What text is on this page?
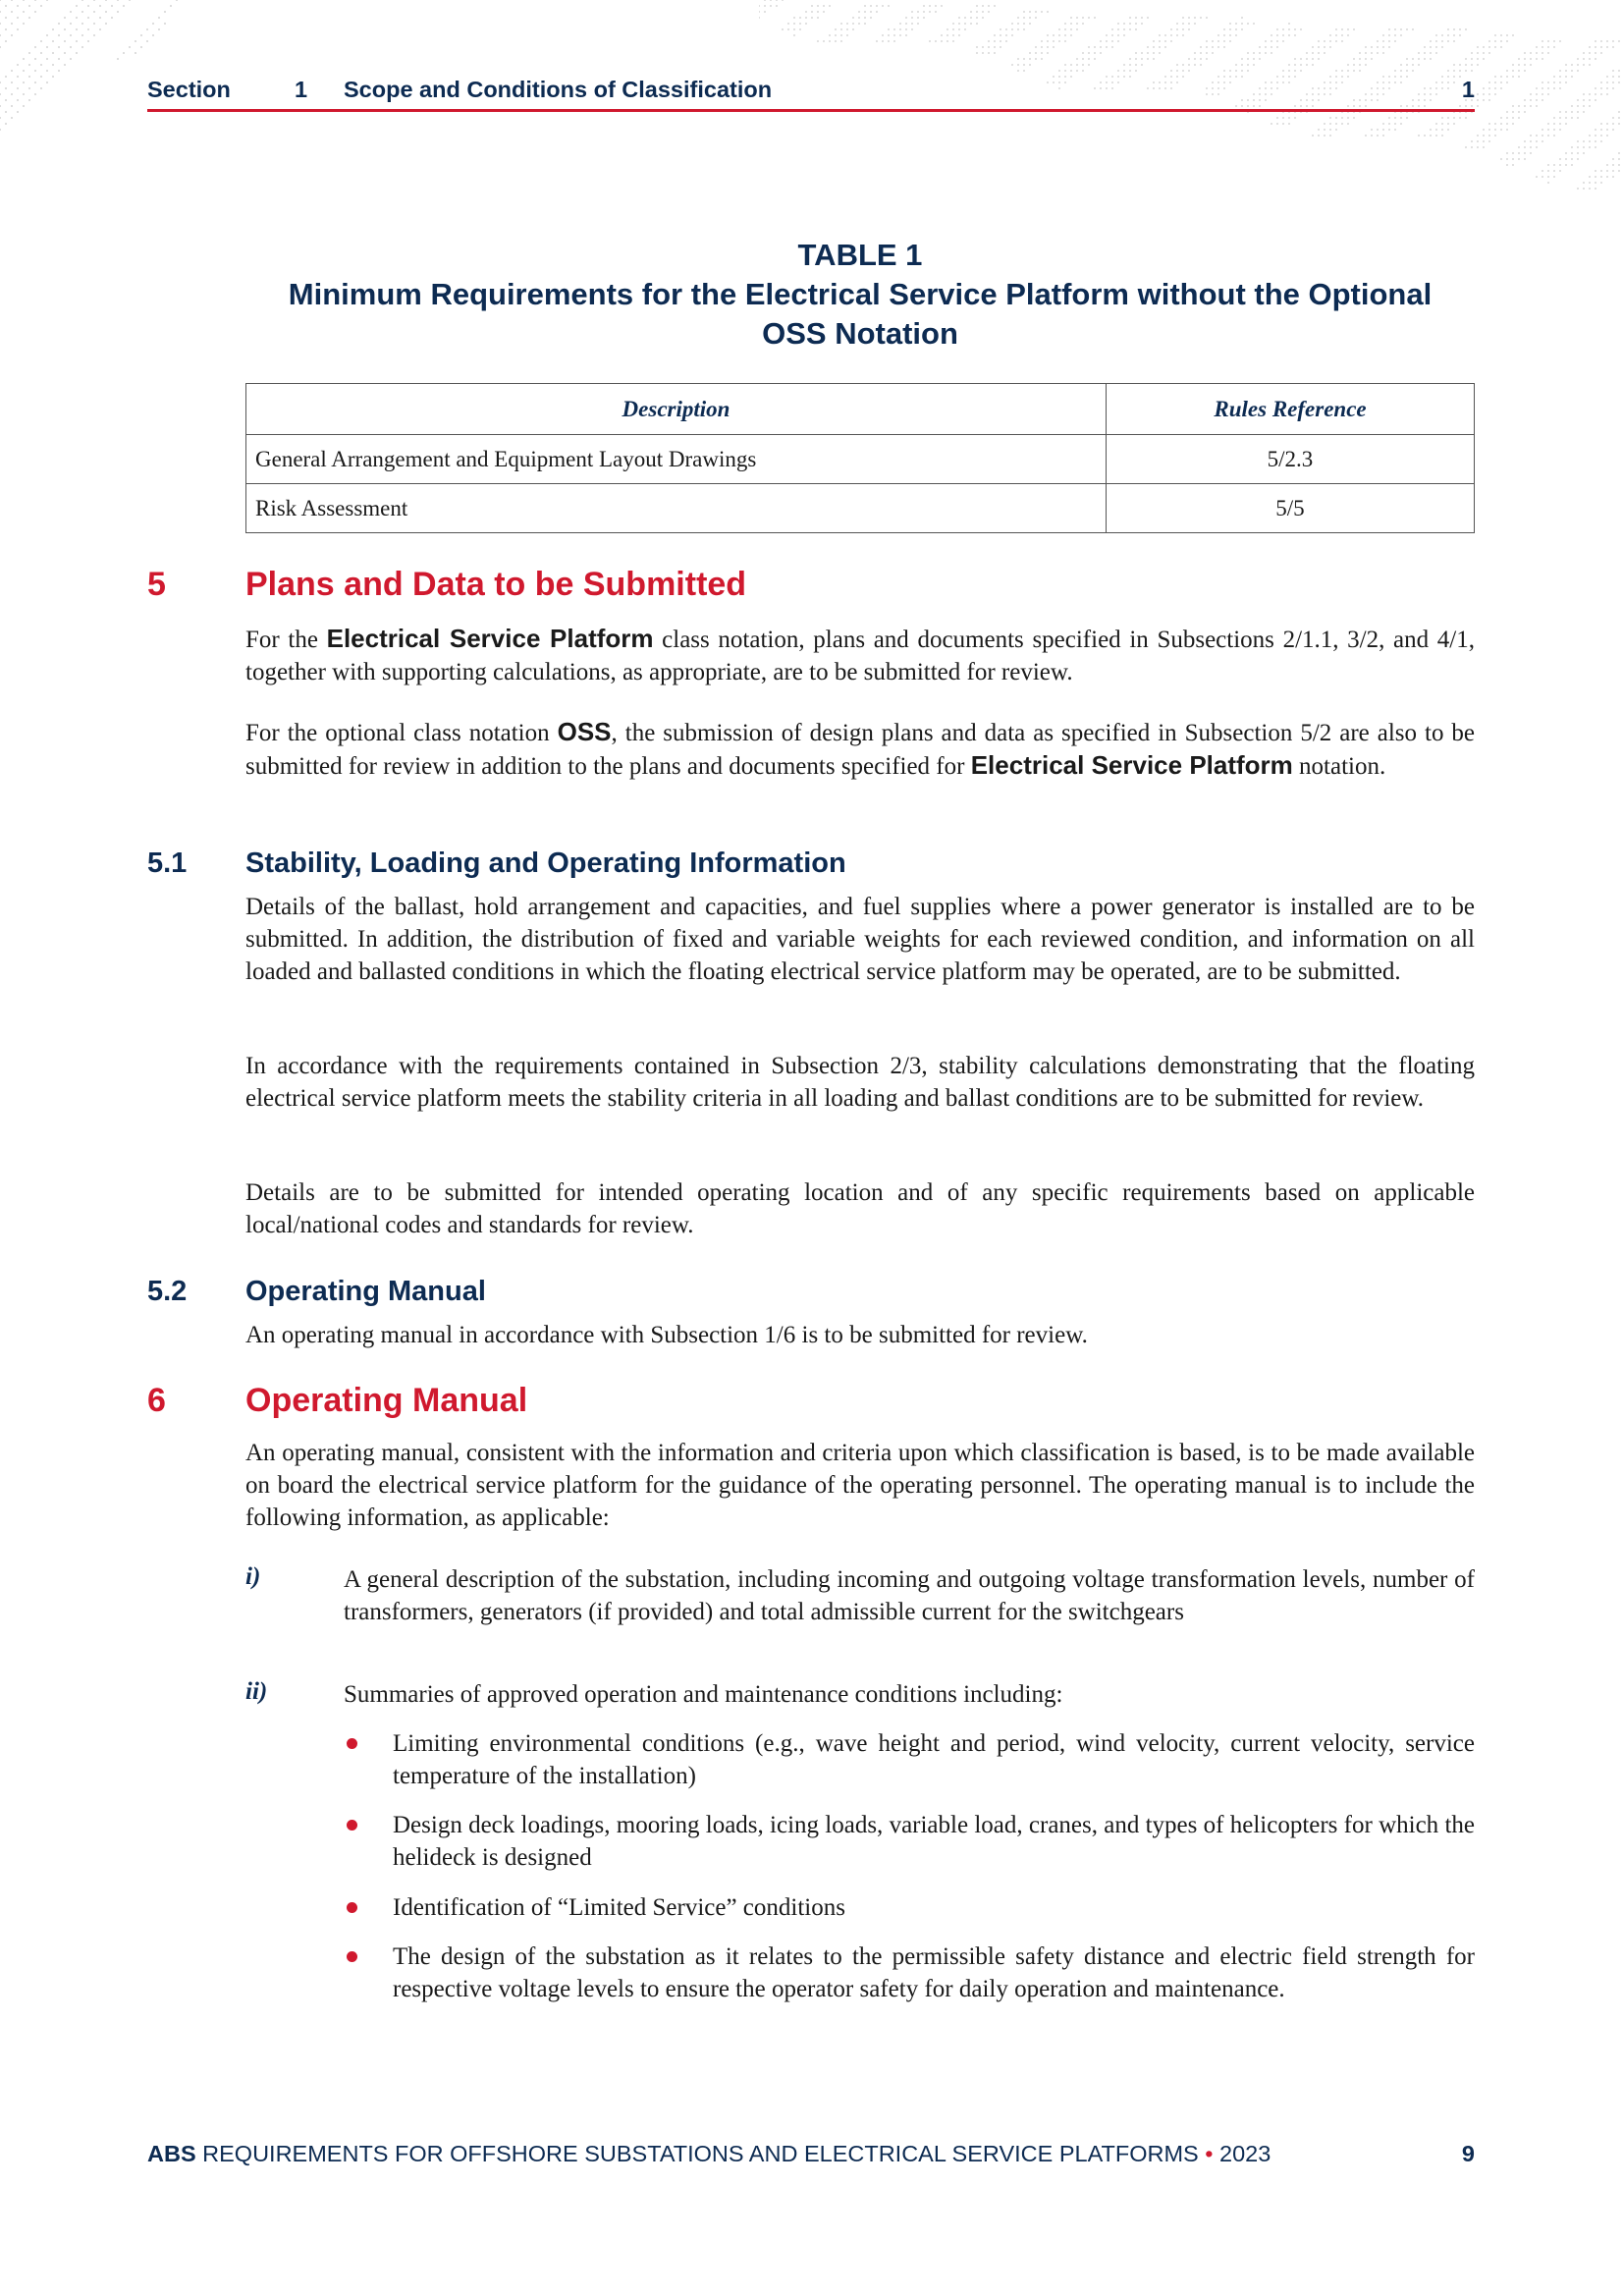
Section	1 Scope and Conditions of Classification	1
TABLE 1
Minimum Requirements for the Electrical Service Platform without the Optional
OSS Notation
Description	Rules Reference
General Arrangement and Equipment Layout Drawings	5/2.3
Risk Assessment	5/5
5 Plans and Data to be Submitted

For the Electrical Service Platform class notation, plans and documents specified in Subsections 2/1.1, 3/2, and 4/1, together with supporting calculations, as appropriate, are to be submitted for review.

For the optional class notation OSS, the submission of design plans and data as specified in Subsection 5/2 are also to be submitted for review in addition to the plans and documents specified for Electrical Service Platform notation.

5.1 Stability, Loading and Operating Information

Details of the ballast, hold arrangement and capacities, and fuel supplies where a power generator is installed are to be submitted. In addition, the distribution of fixed and variable weights for each reviewed condition, and information on all loaded and ballasted conditions in which the floating electrical service platform may be operated, are to be submitted.

In accordance with the requirements contained in Subsection 2/3, stability calculations demonstrating that the floating electrical service platform meets the stability criteria in all loading and ballast conditions are to be submitted for review.

Details are to be submitted for intended operating location and of any specific requirements based on applicable local/national codes and standards for review.

5.2 Operating Manual

An operating manual in accordance with Subsection 1/6 is to be submitted for review.

6 Operating Manual

An operating manual, consistent with the information and criteria upon which classification is based, is to be made available on board the electrical service platform for the guidance of the operating personnel. The operating manual is to include the following information, as applicable:

i)	A general description of the substation, including incoming and outgoing voltage transformation levels, number of transformers, generators (if provided) and total admissible current for the switchgears

ii)	Summaries of approved operation and maintenance conditions including:

Limiting environmental conditions (e.g., wave height and period, wind velocity, current velocity, service temperature of the installation)

Design deck loadings, mooring loads, icing loads, variable load, cranes, and types of helicopters for which the helideck is designed

Identification of “Limited Service” conditions

The design of the substation as it relates to the permissible safety distance and electric field strength for respective voltage levels to ensure the operator safety for daily operation and maintenance.

ABS REQUIREMENTS FOR OFFSHORE SUBSTATIONS AND ELECTRICAL SERVICE PLATFORMS • 2023	9
